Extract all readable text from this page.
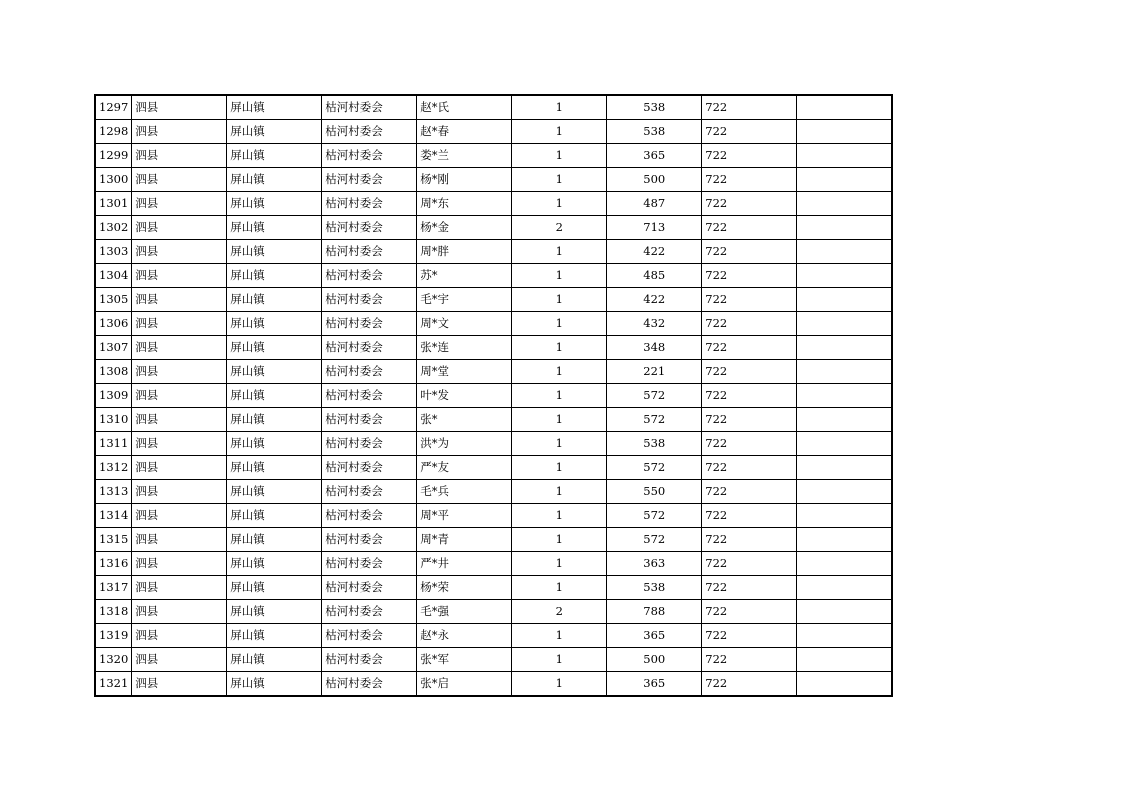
1297	泗县	屏山镇	枯河村委会	赵*氏	1	538	722	
1298	泗县	屏山镇	枯河村委会	赵*春	1	538	722	
1299	泗县	屏山镇	枯河村委会	娄*兰	1	365	722	
1300	泗县	屏山镇	枯河村委会	杨*刚	1	500	722	
1301	泗县	屏山镇	枯河村委会	周*东	1	487	722	
1302	泗县	屏山镇	枯河村委会	杨*金	2	713	722	
1303	泗县	屏山镇	枯河村委会	周*胖	1	422	722	
1304	泗县	屏山镇	枯河村委会	苏*	1	485	722	
1305	泗县	屏山镇	枯河村委会	毛*宇	1	422	722	
1306	泗县	屏山镇	枯河村委会	周*文	1	432	722	
1307	泗县	屏山镇	枯河村委会	张*连	1	348	722	
1308	泗县	屏山镇	枯河村委会	周*堂	1	221	722	
1309	泗县	屏山镇	枯河村委会	叶*发	1	572	722	
1310	泗县	屏山镇	枯河村委会	张*	1	572	722	
1311	泗县	屏山镇	枯河村委会	洪*为	1	538	722	
1312	泗县	屏山镇	枯河村委会	严*友	1	572	722	
1313	泗县	屏山镇	枯河村委会	毛*兵	1	550	722	
1314	泗县	屏山镇	枯河村委会	周*平	1	572	722	
1315	泗县	屏山镇	枯河村委会	周*青	1	572	722	
1316	泗县	屏山镇	枯河村委会	严*井	1	363	722	
1317	泗县	屏山镇	枯河村委会	杨*荣	1	538	722	
1318	泗县	屏山镇	枯河村委会	毛*强	2	788	722	
1319	泗县	屏山镇	枯河村委会	赵*永	1	365	722	
1320	泗县	屏山镇	枯河村委会	张*军	1	500	722	
1321	泗县	屏山镇	枯河村委会	张*启	1	365	722	
